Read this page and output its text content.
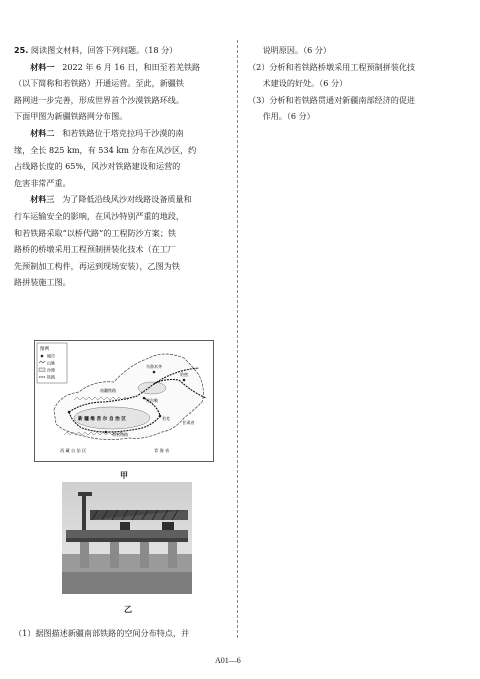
25. 阅读图文材料，回答下列问题。（18 分）

材料一 2022 年 6 月 16 日，和田至若羌铁路

（以下简称和若铁路）开通运营。至此，新疆铁

路网进一步完善，形成世界首个沙漠铁路环线。

下面甲图为新疆铁路网分布图。

材料二 和若铁路位于塔克拉玛干沙漠的南

缘，全长 825 km，有 534 km 分布在风沙区，约

占线路长度的 65%，风沙对铁路建设和运营的

危害非常严重。

材料三 为了降低沿线风沙对线路设备质量和

行车运输安全的影响，在风沙特别严重的地段，

和若铁路采取“以桥代路”的工程防沙方案；铁

路桥的桥墩采用工程预制拼装化技术（在工厂

先预制加工构件，再运到现场安装），乙图为铁

路拼装施工图。

图例
城市
山脉
沙漠
铁路
乌鲁木齐
哈密
南疆铁路
库尔勒
新 疆 维 吾 尔 自 治 区
和若铁路
若羌
甘肃省
西 藏 自 治 区	青 海 省
甲
乙
（1）据图描述新疆南部铁路的空间分布特点，并

说明原因。（6 分）

（2）分析和若铁路桥墩采用工程预制拼装化技

术建设的好处。（6 分）

（3）分析和若铁路贯通对新疆南部经济的促进

作用。（6 分）

A01—6
